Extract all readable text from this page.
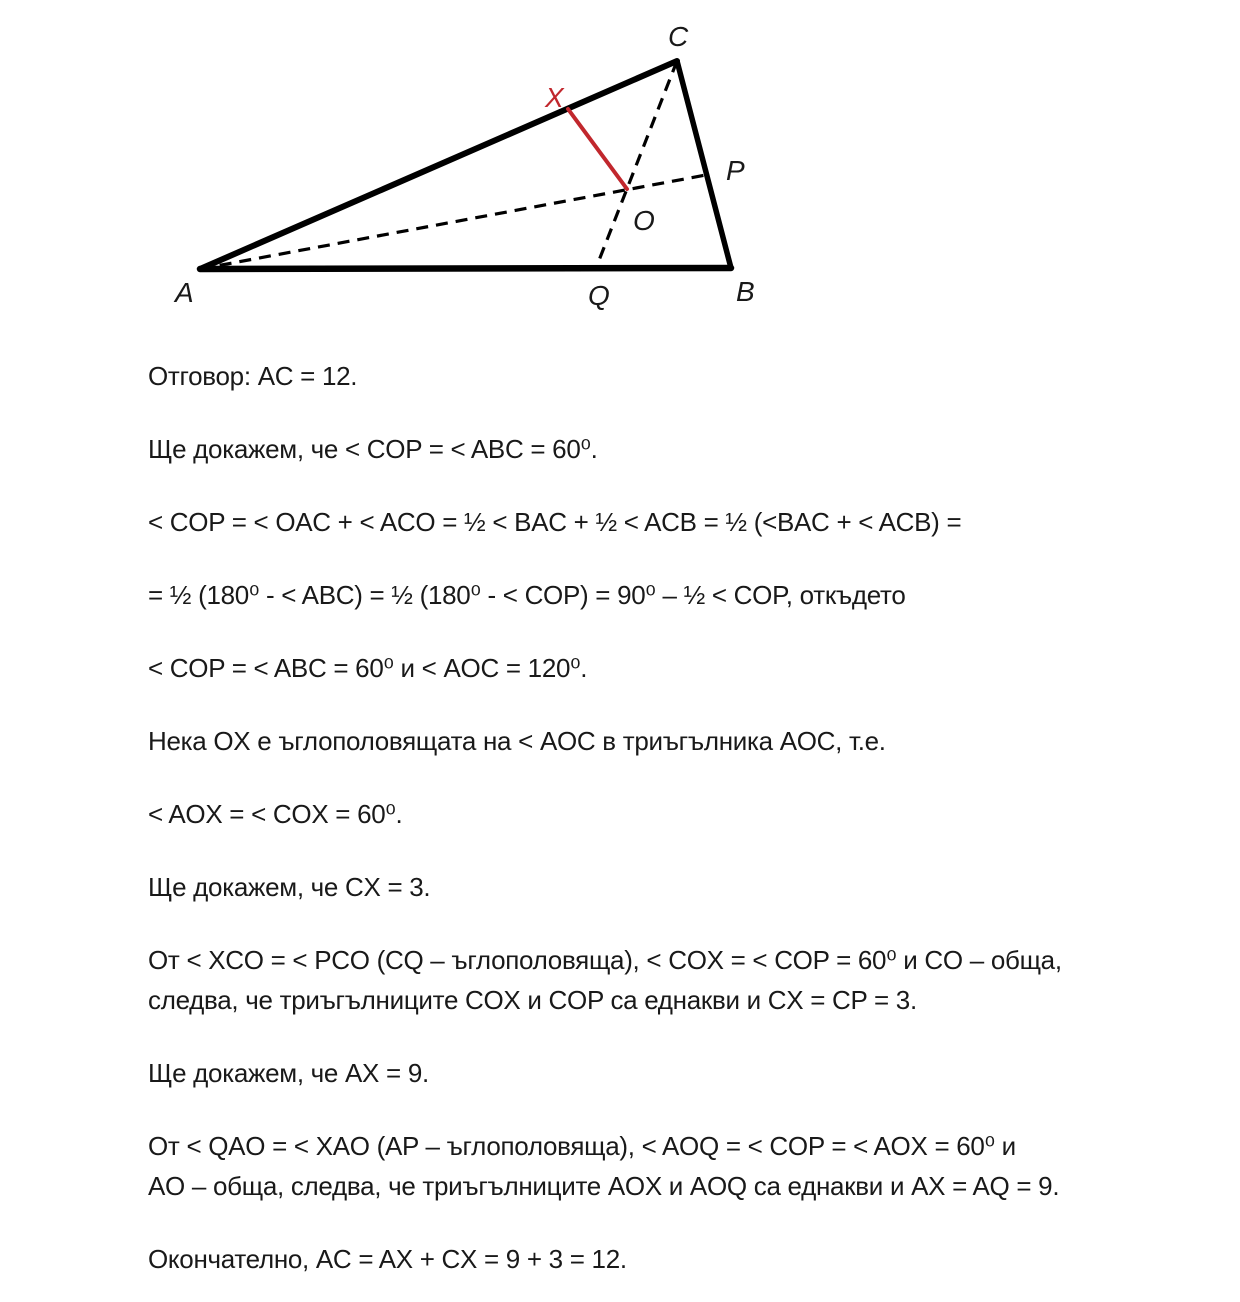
A	B
C
Q
O
P
X

Отговор: AC = 12.

Ще докажем, че < COP = < ABC = 60⁰.

< COP = < OAC + < ACO = ½ < BAC + ½ < ACB = ½ (<BAC + < ACB) =

= ½ (180⁰ - < ABC) = ½ (180⁰ - < COP) = 90⁰ – ½ < COP, откъдето

< COP = < ABC = 60⁰ и < AOC = 120⁰.

Нека OX е ъглополовящата на < AOC в триъгълника AOC, т.е.

< AOX = < COX = 60⁰.

Ще докажем, че CX = 3.

От < XCO = < PCO (CQ – ъглополовяща), < COX = < COP = 60⁰ и CO – обща,
следва, че триъгълниците COX и COP са еднакви и CX = CP = 3.

Ще докажем, че AX = 9.

От < QAO = < XAO (AP – ъглополовяща), < AOQ = < COP = < AOX = 60⁰ и
AO – обща, следва, че триъгълниците AOX и AOQ са еднакви и AX = AQ = 9.

Окончателно, AC = AX + CX = 9 + 3 = 12.
